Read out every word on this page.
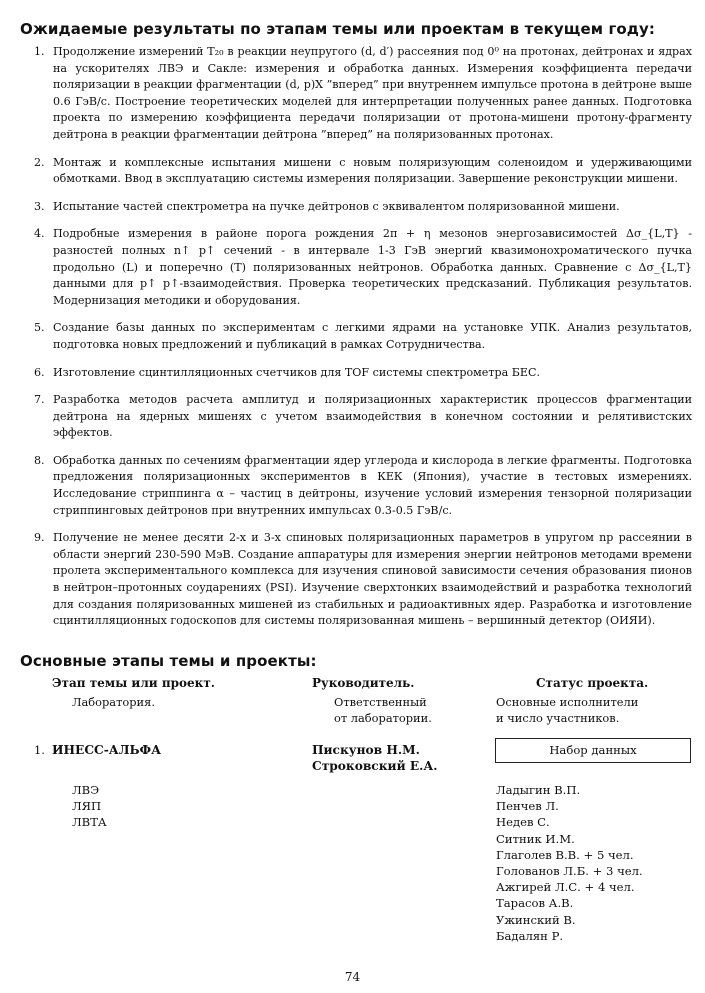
Ожидаемые результаты по этапам темы или проектам в текущем году:
1. Продолжение измерений T₂₀ в реакции неупругого (d, d′) рассеяния под 0⁰ на протонах, дейтронах и ядрах на ускорителях ЛВЭ и Сакле: измерения и обработка данных. Измерения коэффициента передачи поляризации в реакции фрагментации (d, p)X ”вперед” при внутреннем импульсе протона в дейтроне выше 0.6 ГэВ/с. Построение теоретических моделей для интерпретации полученных ранее данных. Подготовка проекта по измерению коэффициента передачи поляризации от протона-мишени протону-фрагменту дейтрона в реакции фрагментации дейтрона ”вперед” на поляризованных протонах.
2. Монтаж и комплексные испытания мишени с новым поляризующим соленоидом и удерживающими обмотками. Ввод в эксплуатацию системы измерения поляризации. Завершение реконструкции мишени.
3. Испытание частей спектрометра на пучке дейтронов с эквивалентом поляризованной мишени.
4. Подробные измерения в районе порога рождения 2π + η мезонов энергозависимостей Δσ_{L,T} - разностей полных n↑ p↑ сечений - в интервале 1-3 ГэВ энергий квазимонохроматического пучка продольно (L) и поперечно (T) поляризованных нейтронов. Обработка данных. Сравнение с Δσ_{L,T} данными для p↑ p↑-взаимодействия. Проверка теоретических предсказаний. Публикация результатов. Модернизация методики и оборудования.
5. Создание базы данных по экспериментам с легкими ядрами на установке УПК. Анализ результатов, подготовка новых предложений и публикаций в рамках Сотрудничества.
6. Изготовление сцинтилляционных счетчиков для TOF системы спектрометра БЕС.
7. Разработка методов расчета амплитуд и поляризационных характеристик процессов фрагментации дейтрона на ядерных мишенях с учетом взаимодействия в конечном состоянии и релятивистских эффектов.
8. Обработка данных по сечениям фрагментации ядер углерода и кислорода в легкие фрагменты. Подготовка предложения поляризационных экспериментов в КЕК (Япония), участие в тестовых измерениях. Исследование стриппинга α – частиц в дейтроны, изучение условий измерения тензорной поляризации стриппинговых дейтронов при внутренних импульсах 0.3-0.5 ГэВ/с.
9. Получение не менее десяти 2-х и 3-х спиновых поляризационных параметров в упругом np рассеянии в области энергий 230-590 МэВ. Создание аппаратуры для измерения энергии нейтронов методами времени пролета экспериментального комплекса для изучения спиновой зависимости сечения образования пионов в нейтрон–протонных соударениях (PSI). Изучение сверхтонких взаимодействий и разработка технологий для создания поляризованных мишеней из стабильных и радиоактивных ядер. Разработка и изготовление сцинтилляционных годоскопов для системы поляризованная мишень – вершинный детектор (ОИЯИ).
Основные этапы темы и проекты:
Этап темы или проект.
Лаборатория.
Руководитель.
Ответственный
от лаборатории.
Статус проекта.
Основные исполнители
и число участников.
1. ИНЕСС-АЛЬФА	Пискунов Н.М.
Строковский Е.А.
Набор данных
ЛВЭ
ЛЯП
ЛВТА
Ладыгин В.П.
Пенчев Л.
Недев С.
Ситник И.М.
Глаголев В.В. + 5 чел.
Голованов Л.Б. + 3 чел.
Ажгирей Л.С. + 4 чел.
Тарасов А.В.
Ужинский В.
Бадалян Р.
74
